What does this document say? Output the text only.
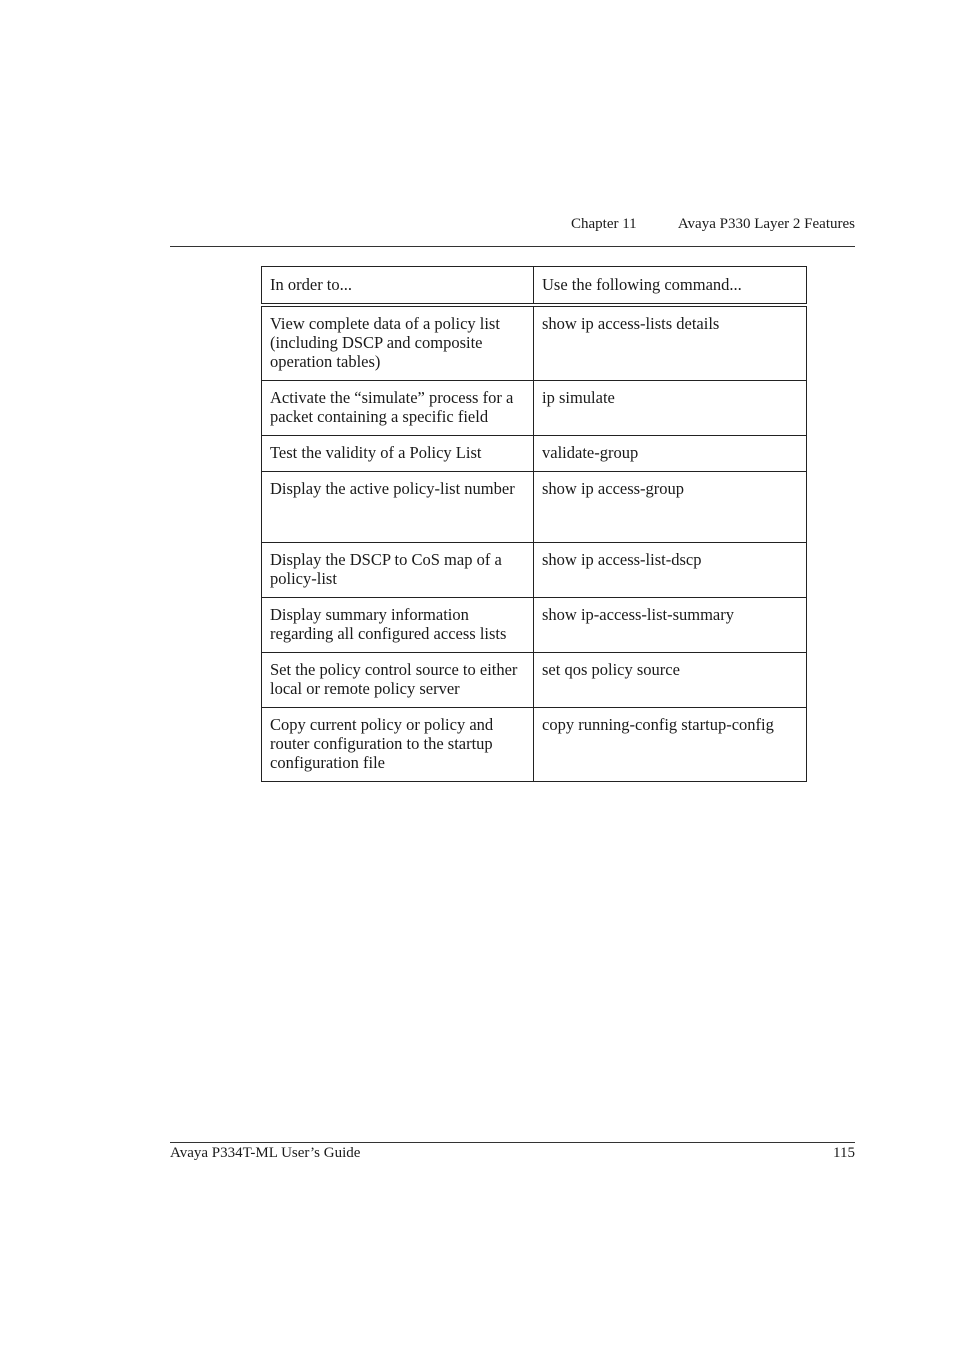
Chapter 11	Avaya P330 Layer 2 Features
In order to...	Use the following command...
View complete data of a policy list (including DSCP and composite operation tables)	show ip access-lists details
Activate the “simulate” process for a packet containing a specific field	ip simulate
Test the validity of a Policy List	validate-group
Display the active policy-list number	show ip access-group
Display the DSCP to CoS map of a policy-list	show ip access-list-dscp
Display summary information regarding all configured access lists	show ip-access-list-summary
Set the policy control source to either local or remote policy server	set qos policy source
Copy current policy or policy and router configuration to the startup configuration file	copy running-config startup-config
Avaya P334T-ML User’s Guide	115
